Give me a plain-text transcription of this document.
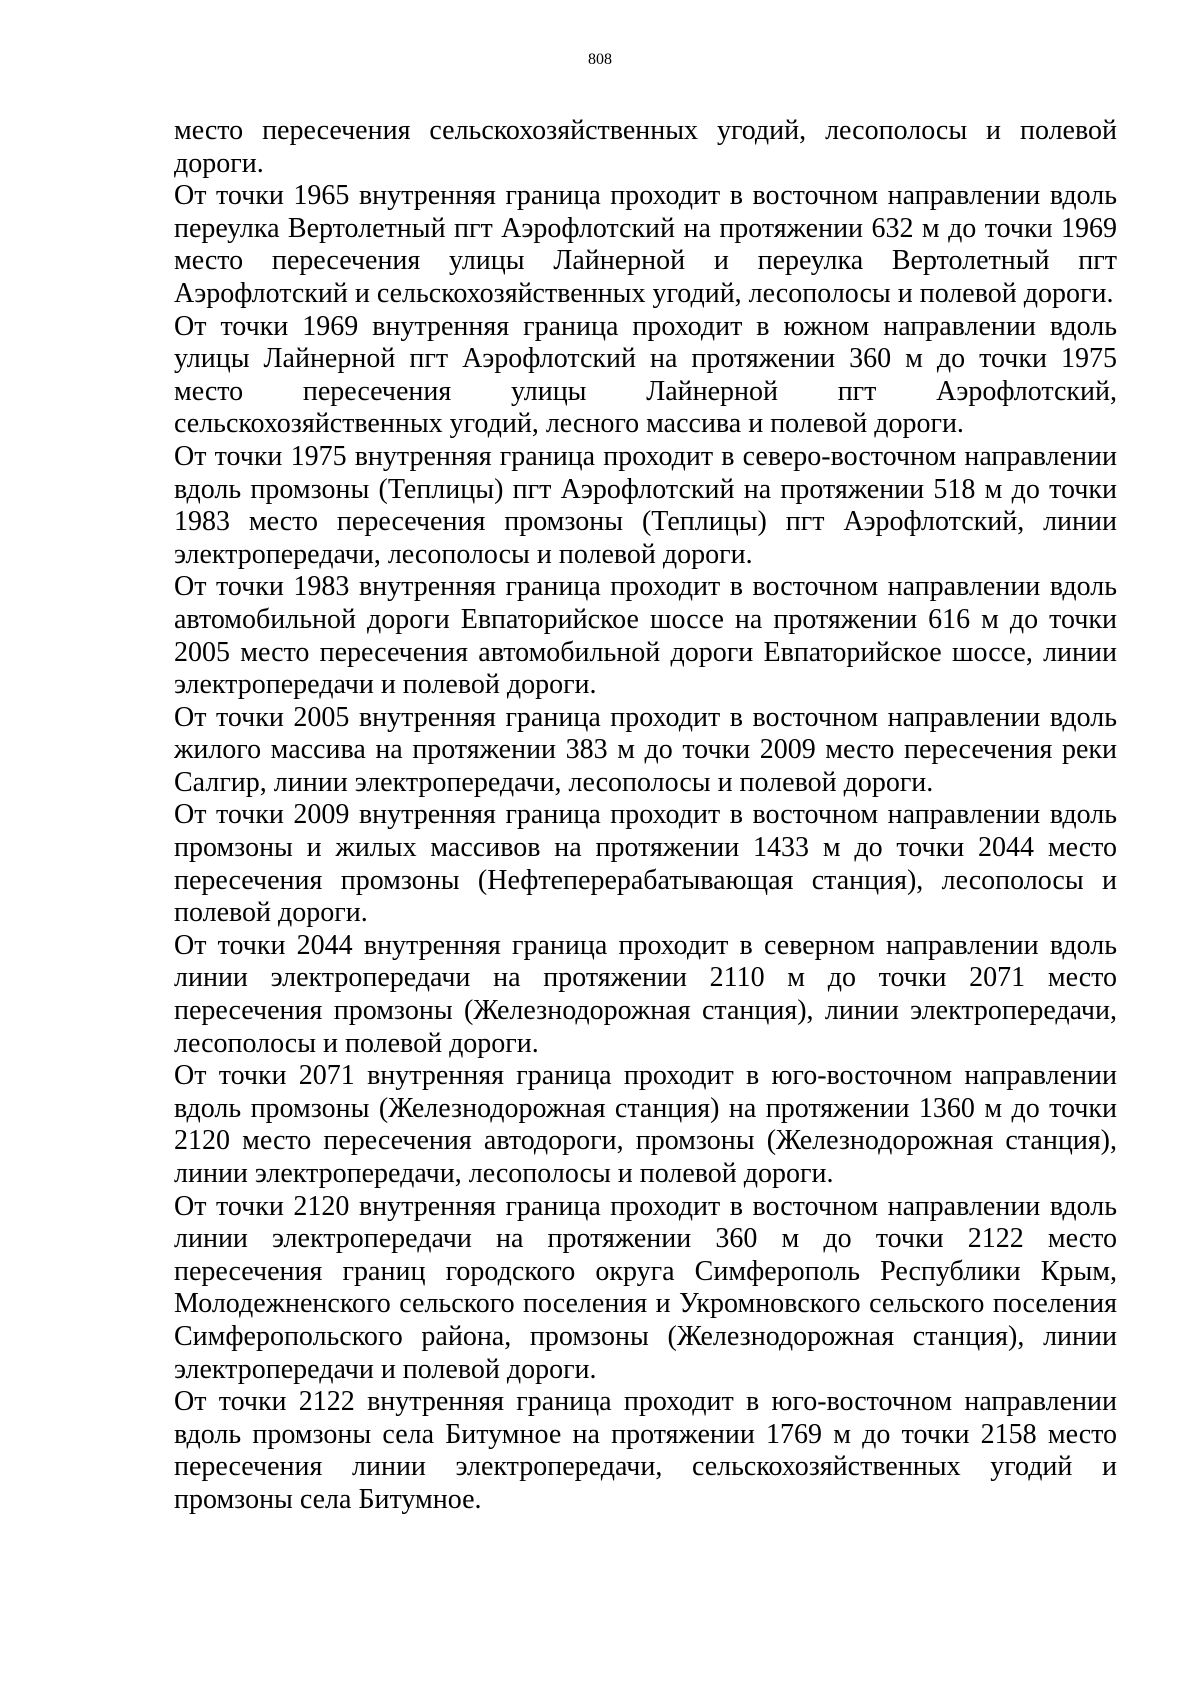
808

место пересечения сельскохозяйственных угодий, лесополосы и полевой дороги.

От точки 1965 внутренняя граница проходит в восточном направлении вдоль переулка Вертолетный пгт Аэрофлотский на протяжении 632 м до точки 1969 место пересечения улицы Лайнерной и переулка Вертолетный пгт Аэрофлотский и сельскохозяйственных угодий, лесополосы и полевой дороги.

От точки 1969 внутренняя граница проходит в южном направлении вдоль улицы Лайнерной пгт Аэрофлотский на протяжении 360 м до точки 1975 место пересечения улицы Лайнерной пгт Аэрофлотский, сельскохозяйственных угодий, лесного массива и полевой дороги.

От точки 1975 внутренняя граница проходит в северо-восточном направлении вдоль промзоны (Теплицы) пгт Аэрофлотский на протяжении 518 м до точки 1983 место пересечения промзоны (Теплицы) пгт Аэрофлотский, линии электропередачи, лесополосы и полевой дороги.

От точки 1983 внутренняя граница проходит в восточном направлении вдоль автомобильной дороги Евпаторийское шоссе на протяжении 616 м до точки 2005 место пересечения автомобильной дороги Евпаторийское шоссе, линии электропередачи и полевой дороги.

От точки 2005 внутренняя граница проходит в восточном направлении вдоль жилого массива на протяжении 383 м до точки 2009 место пересечения реки Салгир, линии электропередачи, лесополосы и полевой дороги.

От точки 2009 внутренняя граница проходит в восточном направлении вдоль промзоны и жилых массивов на протяжении 1433 м до точки 2044 место пересечения промзоны (Нефтеперерабатывающая станция), лесополосы и полевой дороги.

От точки 2044 внутренняя граница проходит в северном направлении вдоль линии электропередачи на протяжении 2110 м до точки 2071 место пересечения промзоны (Железнодорожная станция), линии электропередачи, лесополосы и полевой дороги.

От точки 2071 внутренняя граница проходит в юго-восточном направлении вдоль промзоны (Железнодорожная станция) на протяжении 1360 м до точки 2120 место пересечения автодороги, промзоны (Железнодорожная станция), линии электропередачи, лесополосы и полевой дороги.

От точки 2120 внутренняя граница проходит в восточном направлении вдоль линии электропередачи на протяжении 360 м до точки 2122 место пересечения границ городского округа Симферополь Республики Крым, Молодежненского сельского поселения и Укромновского сельского поселения Симферопольского района, промзоны (Железнодорожная станция), линии электропередачи и полевой дороги.

От точки 2122 внутренняя граница проходит в юго-восточном направлении вдоль промзоны села Битумное на протяжении 1769 м до точки 2158 место пересечения линии электропередачи, сельскохозяйственных угодий и промзоны села Битумное.
